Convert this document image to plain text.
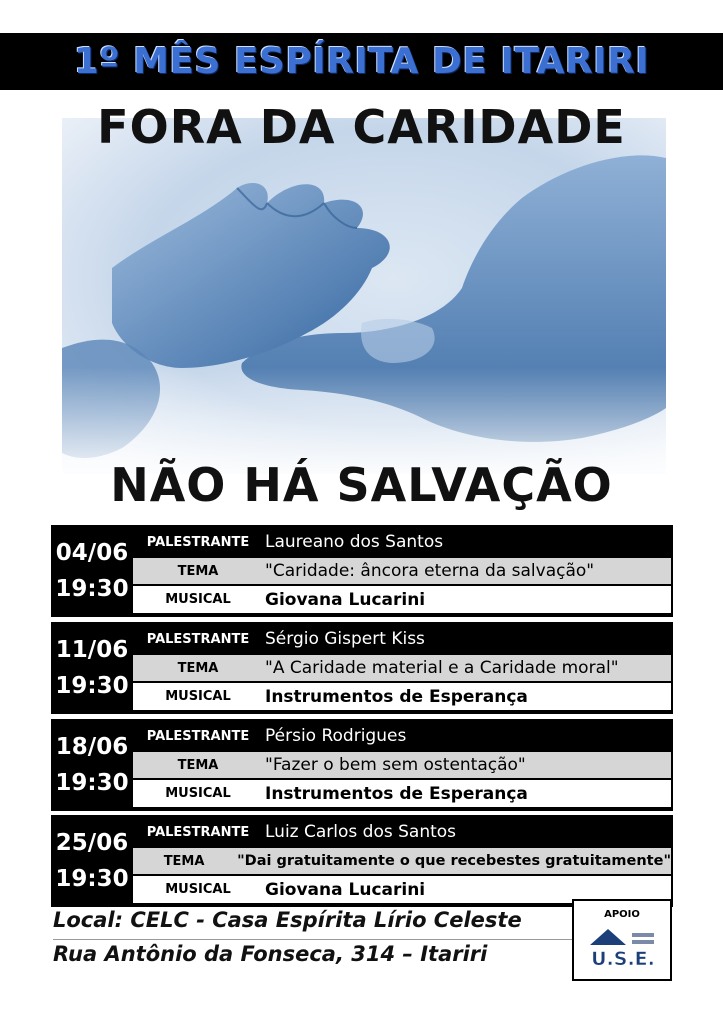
1º MÊS ESPÍRITA DE ITARIRI
FORA DA CARIDADE
NÃO HÁ SALVAÇÃO
04/06
19:30
PALESTRANTE Laureano dos Santos
TEMA	"Caridade: âncora eterna da salvação"
MUSICAL	Giovana Lucarini
11/06
19:30
PALESTRANTE Sérgio Gispert Kiss
TEMA	"A Caridade material e a Caridade moral"
MUSICAL	Instrumentos de Esperança
18/06
19:30
PALESTRANTE Pérsio Rodrigues
TEMA	"Fazer o bem sem ostentação"
MUSICAL	Instrumentos de Esperança
25/06
19:30
PALESTRANTE Luiz Carlos dos Santos
TEMA	"Dai gratuitamente o que recebestes gratuitamente"
MUSICAL	Giovana Lucarini
Local: CELC - Casa Espírita Lírio Celeste
Rua Antônio da Fonseca, 314 – Itariri
APOIO
U.S.E.
